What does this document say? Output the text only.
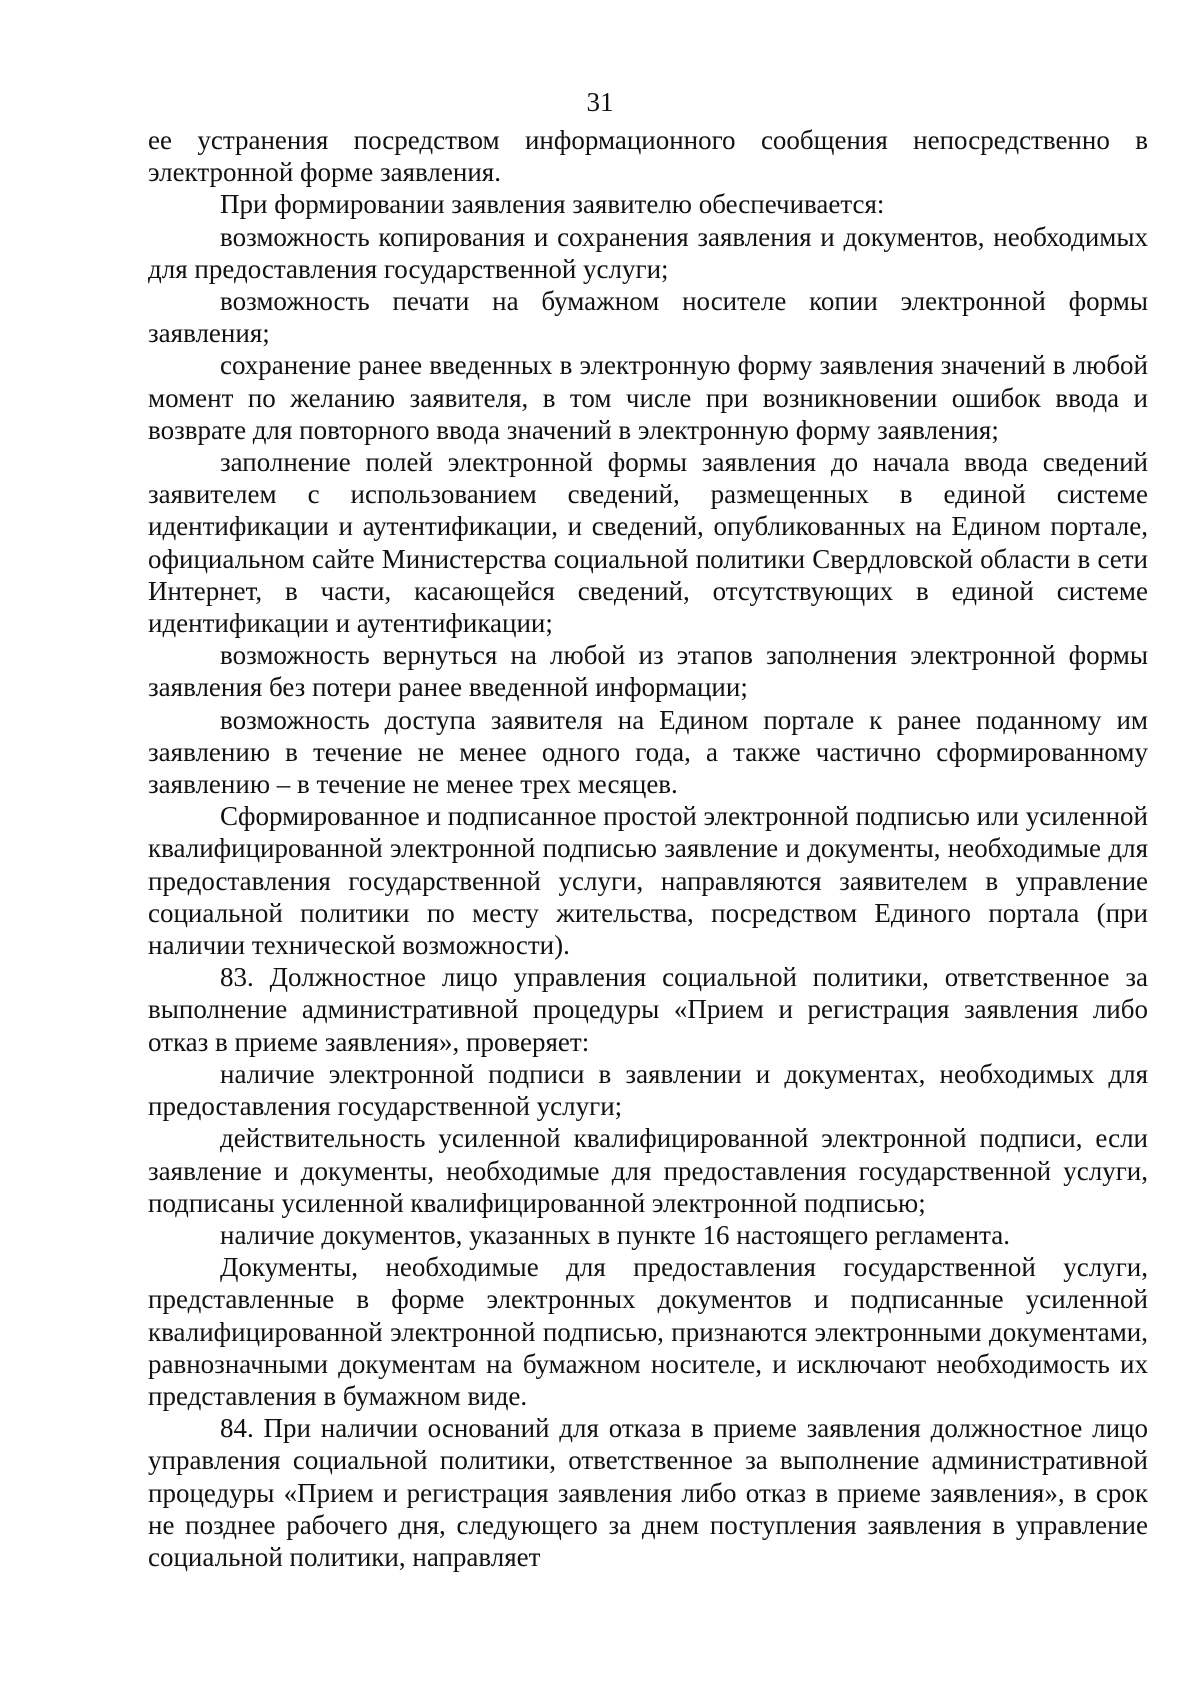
31

ее устранения посредством информационного сообщения непосредственно в электронной форме заявления.

При формировании заявления заявителю обеспечивается:

возможность копирования и сохранения заявления и документов, необходимых для предоставления государственной услуги;

возможность печати на бумажном носителе копии электронной формы заявления;

сохранение ранее введенных в электронную форму заявления значений в любой момент по желанию заявителя, в том числе при возникновении ошибок ввода и возврате для повторного ввода значений в электронную форму заявления;

заполнение полей электронной формы заявления до начала ввода сведений заявителем с использованием сведений, размещенных в единой системе идентификации и аутентификации, и сведений, опубликованных на Едином портале, официальном сайте Министерства социальной политики Свердловской области в сети Интернет, в части, касающейся сведений, отсутствующих в единой системе идентификации и аутентификации;

возможность вернуться на любой из этапов заполнения электронной формы заявления без потери ранее введенной информации;

возможность доступа заявителя на Едином портале к ранее поданному им заявлению в течение не менее одного года, а также частично сформированному заявлению – в течение не менее трех месяцев.

Сформированное и подписанное простой электронной подписью или усиленной квалифицированной электронной подписью заявление и документы, необходимые для предоставления государственной услуги, направляются заявителем в управление социальной политики по месту жительства, посредством Единого портала (при наличии технической возможности).

83. Должностное лицо управления социальной политики, ответственное за выполнение административной процедуры «Прием и регистрация заявления либо отказ в приеме заявления», проверяет:

наличие электронной подписи в заявлении и документах, необходимых для предоставления государственной услуги;

действительность усиленной квалифицированной электронной подписи, если заявление и документы, необходимые для предоставления государственной услуги, подписаны усиленной квалифицированной электронной подписью;

наличие документов, указанных в пункте 16 настоящего регламента.

Документы, необходимые для предоставления государственной услуги, представленные в форме электронных документов и подписанные усиленной квалифицированной электронной подписью, признаются электронными документами, равнозначными документам на бумажном носителе, и исключают необходимость их представления в бумажном виде.

84. При наличии оснований для отказа в приеме заявления должностное лицо управления социальной политики, ответственное за выполнение административной процедуры «Прием и регистрация заявления либо отказ в приеме заявления», в срок не позднее рабочего дня, следующего за днем поступления заявления в управление социальной политики, направляет
